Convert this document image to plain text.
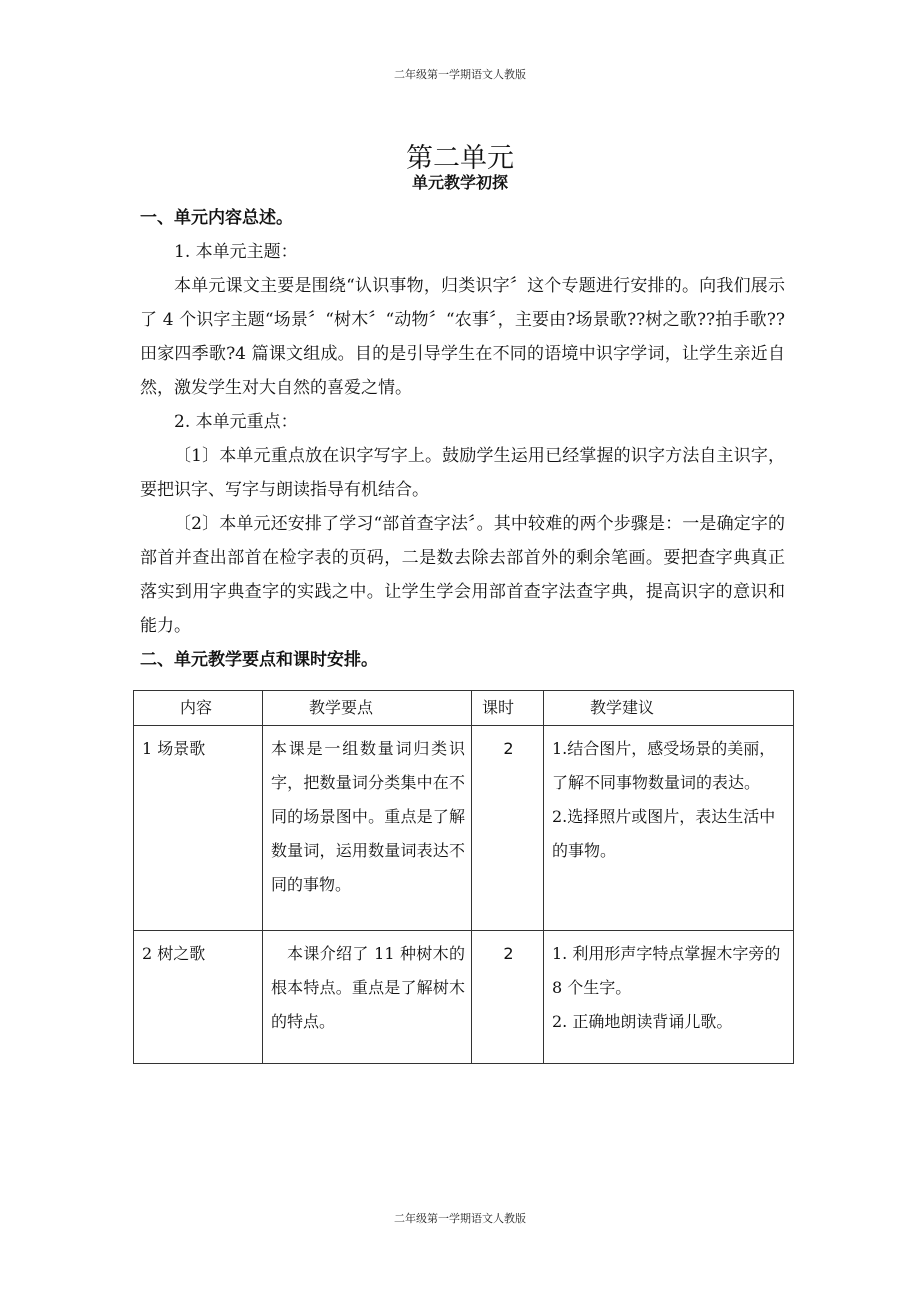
二年级第一学期语文人教版
第二单元
单元教学初探

一、单元内容总述。

1. 本单元主题：

本单元课文主要是围绕“认识事物，归类识字〞这个专题进行安排的。向我们展示了 4 个识字主题“场景〞“树木〞“动物〞“农事〞，主要由?场景歌??树之歌??拍手歌??田家四季歌?4 篇课文组成。目的是引导学生在不同的语境中识字学词，让学生亲近自然，激发学生对大自然的喜爱之情。

2. 本单元重点：

〔1〕本单元重点放在识字写字上。鼓励学生运用已经掌握的识字方法自主识字，要把识字、写字与朗读指导有机结合。

〔2〕本单元还安排了学习“部首查字法〞。其中较难的两个步骤是：一是确定字的部首并查出部首在检字表的页码，二是数去除去部首外的剩余笔画。要把查字典真正落实到用字典查字的实践之中。让学生学会用部首查字法查字典，提高识字的意识和能力。

二、单元教学要点和课时安排。

内容	教学要点	课时	教学建议
1 场景歌	本课是一组数量词归类识字，把数量词分类集中在不同的场景图中。重点是了解数量词，运用数量词表达不同的事物。	2	1.结合图片，感受场景的美丽，了解不同事物数量词的表达。
2.选择照片或图片，表达生活中的事物。

2 树之歌	本课介绍了 11 种树木的根本特点。重点是了解树木的特点。	2	1. 利用形声字特点掌握木字旁的 8 个生字。
2. 正确地朗读背诵儿歌。
二年级第一学期语文人教版
